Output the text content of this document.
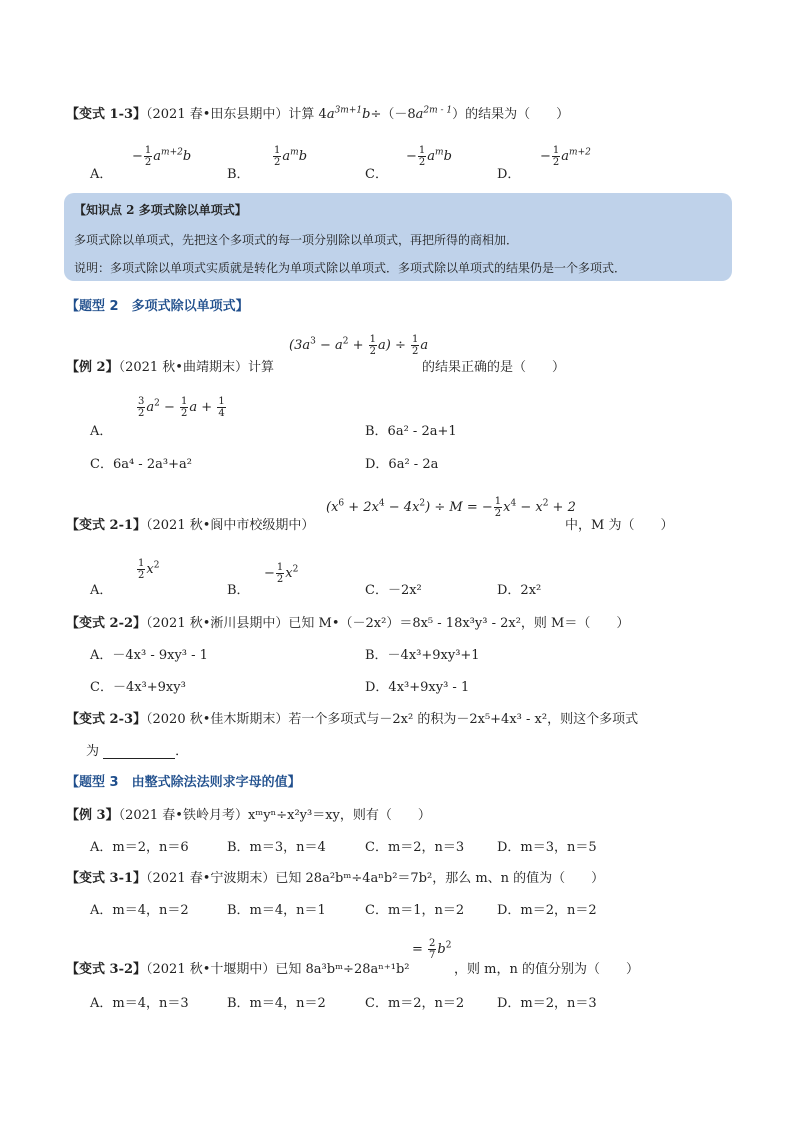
【变式 1-3】（2021 春•田东县期中）计算 $4a^{3m+1}b\div(-8a^{2m - 1})$的结果为（　　）
A．
− $\frac{1}{2} a^{m+2}b$
B．
$\frac{1}{2} a^mb$
C．
− $\frac{1}{2} a^mb$
D．
− $\frac{1}{2} a^{m+2}$
【知识点 2 多项式除以单项式】
多项式除以单项式，先把这个多项式的每一项分别除以单项式，再把所得的商相加．
说明：多项式除以单项式实质就是转化为单项式除以单项式．多项式除以单项式的结果仍是一个多项式．
【题型 2　多项式除以单项式】
$(3a^3 - a^2 + \frac{1}{2} a) \div \frac{1}{2}$ a
【例 2】（2021 秋•曲靖期末）计算	的结果正确的是（　　）
A．
$\frac{3}{2} a^2 - \frac{1}{2}$ $a + \frac{1}{4}$
B．6a² - 2a+1
C．6a⁴ - 2a³+a²	D．6a² - 2a
$(x^6 + 2x^4 - 4x^2) \div M$ = − $\frac{1}{2} x^4 - x^2 + 2$
【变式 2-1】（2021 秋•阆中市校级期中）	中，M 为（　　）
A．
$\frac{1}{2} x^2$
B．
− $\frac{1}{2} x^2$
C．－2x²	D．2x²
【变式 2-2】（2021 秋•淅川县期中）已知 M•（－2x²）＝8x⁵ - 18x³y³ - 2x²，则 M＝（　　）
A．－4x³ - 9xy³ - 1	B．－4x³+9xy³+1
C．－4x³+9xy³	D．4x³+9xy³ - 1
【变式 2-3】（2020 秋•佳木斯期末）若一个多项式与－2x² 的积为－2x⁵+4x³ - x²，则这个多项式
为	．
【题型 3　由整式除法法则求字母的值】
【例 3】（2021 春•铁岭月考）xᵐyⁿ÷x²y³＝xy，则有（　　）
A．m＝2，n＝6	B．m＝3，n＝4	C．m＝2，n＝3	D．m＝3，n＝5
【变式 3-1】（2021 春•宁波期末）已知 28a²bᵐ÷4aⁿb²＝7b²，那么 m、n 的值为（　　）
A．m＝4，n＝2	B．m＝4，n＝1	C．m＝1，n＝2	D．m＝2，n＝2
【变式 3-2】（2021 秋•十堰期中）已知 8a³bᵐ÷28aⁿ⁺¹b²
= $\frac{2}{7} b^2$
，则 m，n 的值分别为（　　）
A．m＝4，n＝3	B．m＝4，n＝2	C．m＝2，n＝2	D．m＝2，n＝3
